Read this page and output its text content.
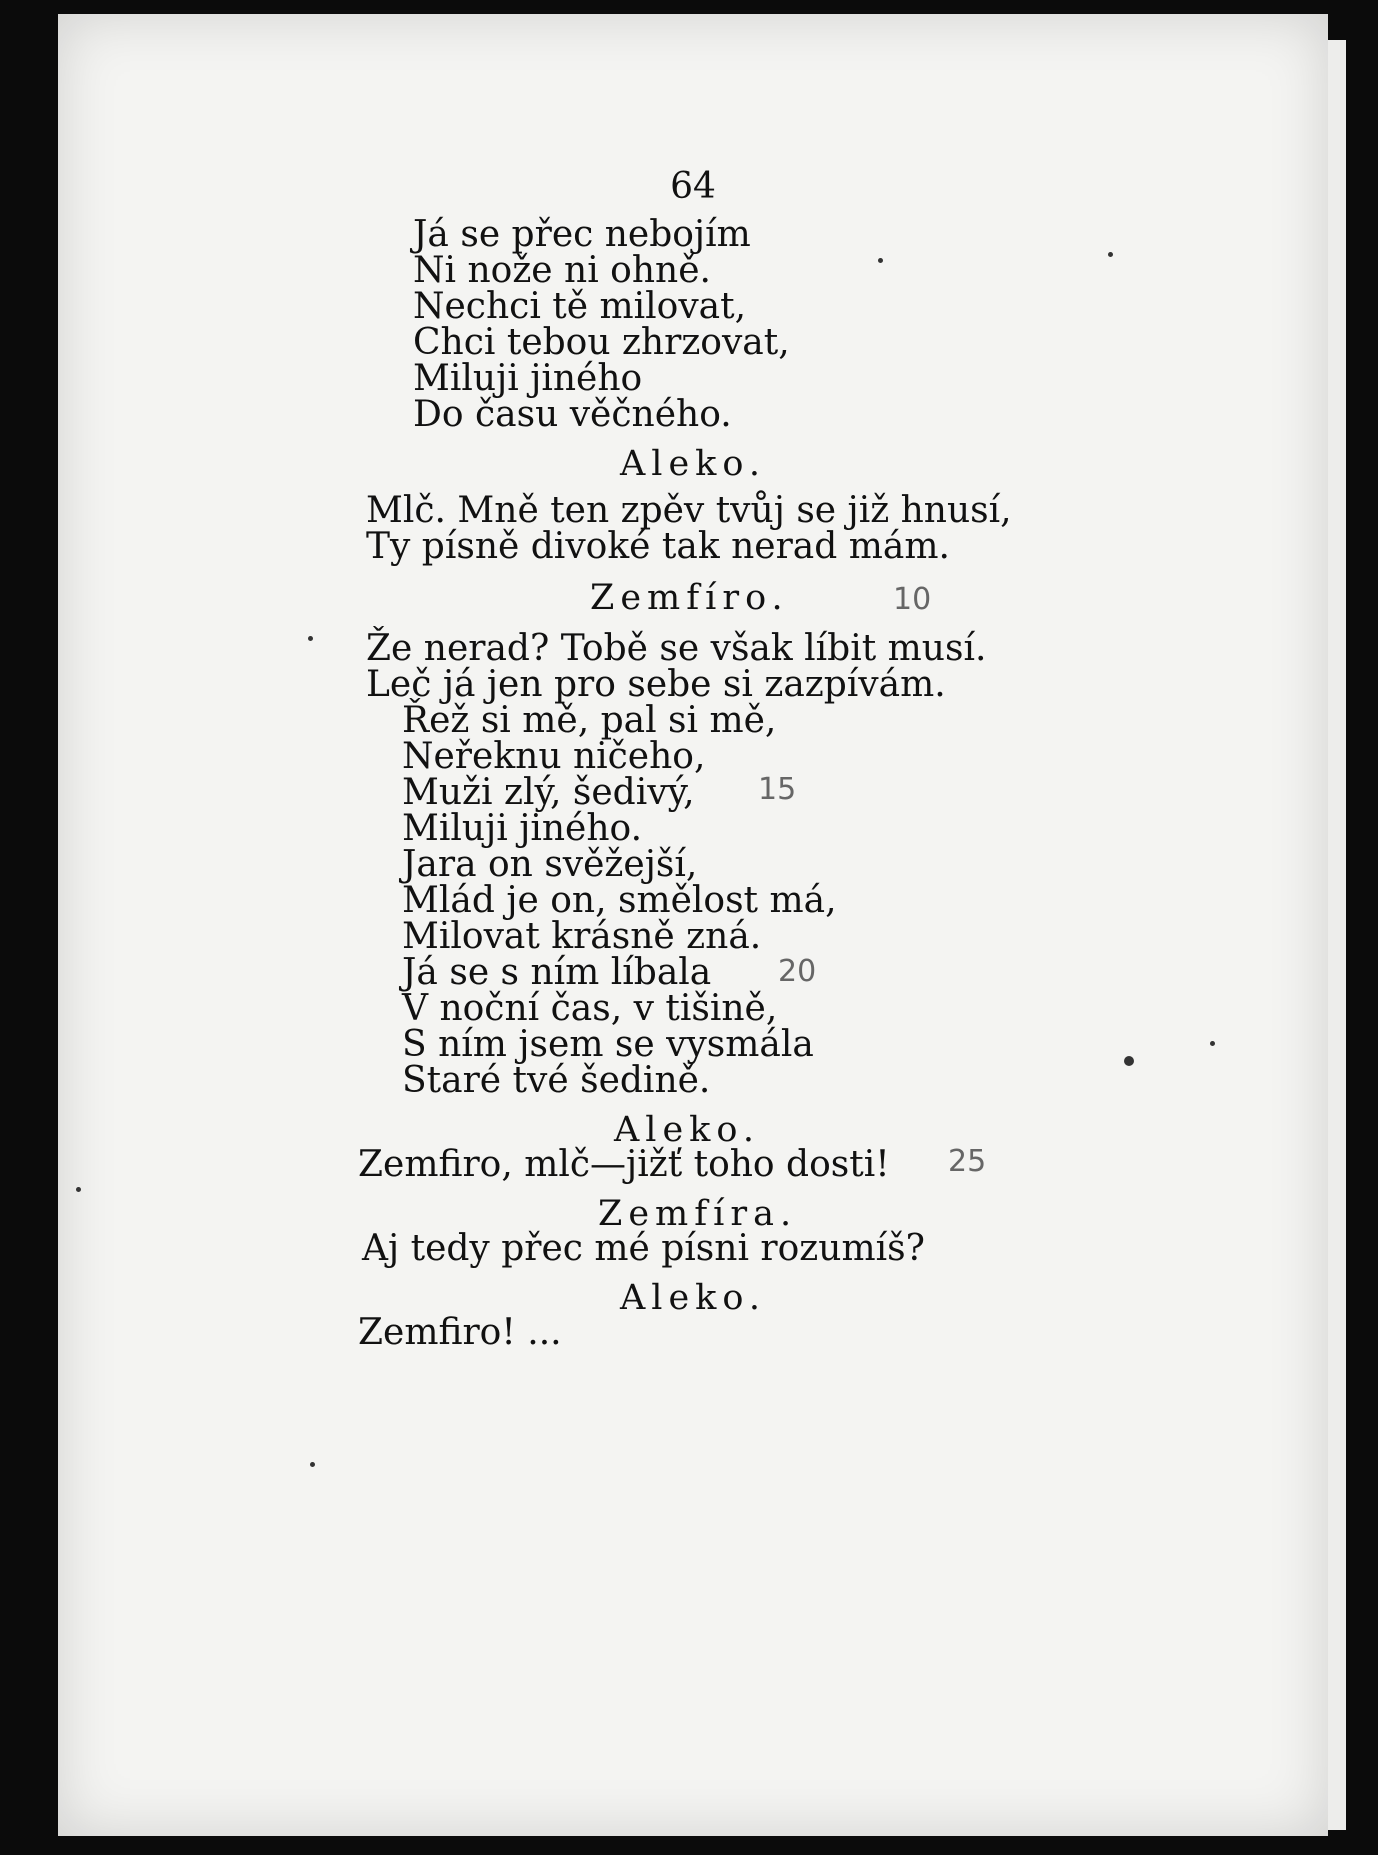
64
Já se přec nebojím
Ni nože ni ohně.
Nechci tě milovat,
Chci tebou zhrzovat,
Miluji jiného
Do času věčného.
Aleko.
Mlč. Mně ten zpěv tvůj se již hnusí,
Ty písně divoké tak nerad mám.
Zemfíro.	10
Že nerad? Tobě se však líbit musí.
Leč já jen pro sebe si zazpívám.
Řež si mě, pal si mě,
Neřeknu ničeho,
Muži zlý, šedivý, 15
Miluji jiného.
Jara on svěžejší,
Mlád je on, smělost má,
Milovat krásně zná.
Já se s ním líbala 20
V noční čas, v tišině,
S ním jsem se vysmála
Staré tvé šedině.
Aleko.
Zemfiro, mlč—jižť toho dosti! 25
Zemfíra.
Aj tedy přec mé písni rozumíš?
Aleko.
Zemfiro! ...
